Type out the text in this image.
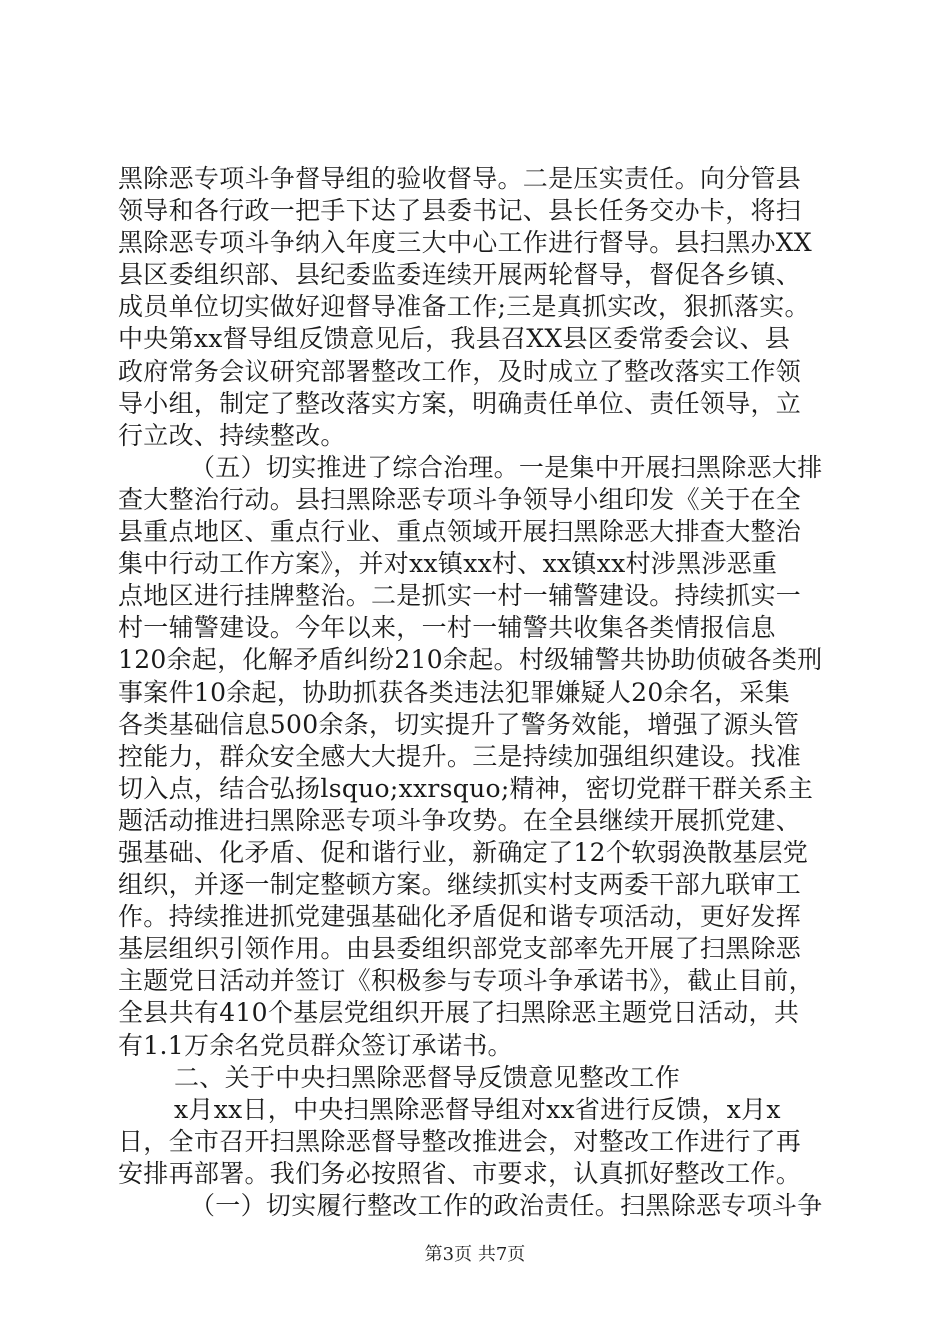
黑除恶专项斗争督导组的验收督导。二是压实责任。向分管县
领导和各行政一把手下达了县委书记、县长任务交办卡，将扫
黑除恶专项斗争纳入年度三大中心工作进行督导。县扫黑办XX
县区委组织部、县纪委监委连续开展两轮督导，督促各乡镇、
成员单位切实做好迎督导准备工作;三是真抓实改，狠抓落实。
中央第xx督导组反馈意见后，我县召XX县区委常委会议、县
政府常务会议研究部署整改工作，及时成立了整改落实工作领
导小组，制定了整改落实方案，明确责任单位、责任领导，立
行立改、持续整改。
（五）切实推进了综合治理。一是集中开展扫黑除恶大排
查大整治行动。县扫黑除恶专项斗争领导小组印发《关于在全
县重点地区、重点行业、重点领域开展扫黑除恶大排查大整治
集中行动工作方案》，并对xx镇xx村、xx镇xx村涉黑涉恶重
点地区进行挂牌整治。二是抓实一村一辅警建设。持续抓实一
村一辅警建设。今年以来，一村一辅警共收集各类情报信息
120余起，化解矛盾纠纷210余起。村级辅警共协助侦破各类刑
事案件10余起，协助抓获各类违法犯罪嫌疑人20余名，采集
各类基础信息500余条，切实提升了警务效能，增强了源头管
控能力，群众安全感大大提升。三是持续加强组织建设。找准
切入点，结合弘扬lsquo;xxrsquo;精神，密切党群干群关系主
题活动推进扫黑除恶专项斗争攻势。在全县继续开展抓党建、
强基础、化矛盾、促和谐行业，新确定了12个软弱涣散基层党
组织，并逐一制定整顿方案。继续抓实村支两委干部九联审工
作。持续推进抓党建强基础化矛盾促和谐专项活动，更好发挥
基层组织引领作用。由县委组织部党支部率先开展了扫黑除恶
主题党日活动并签订《积极参与专项斗争承诺书》，截止目前，
全县共有410个基层党组织开展了扫黑除恶主题党日活动，共
有1.1万余名党员群众签订承诺书。
二、关于中央扫黑除恶督导反馈意见整改工作
x月xx日，中央扫黑除恶督导组对xx省进行反馈，x月x
日，全市召开扫黑除恶督导整改推进会，对整改工作进行了再
安排再部署。我们务必按照省、市要求，认真抓好整改工作。
（一）切实履行整改工作的政治责任。扫黑除恶专项斗争
第3页 共7页
